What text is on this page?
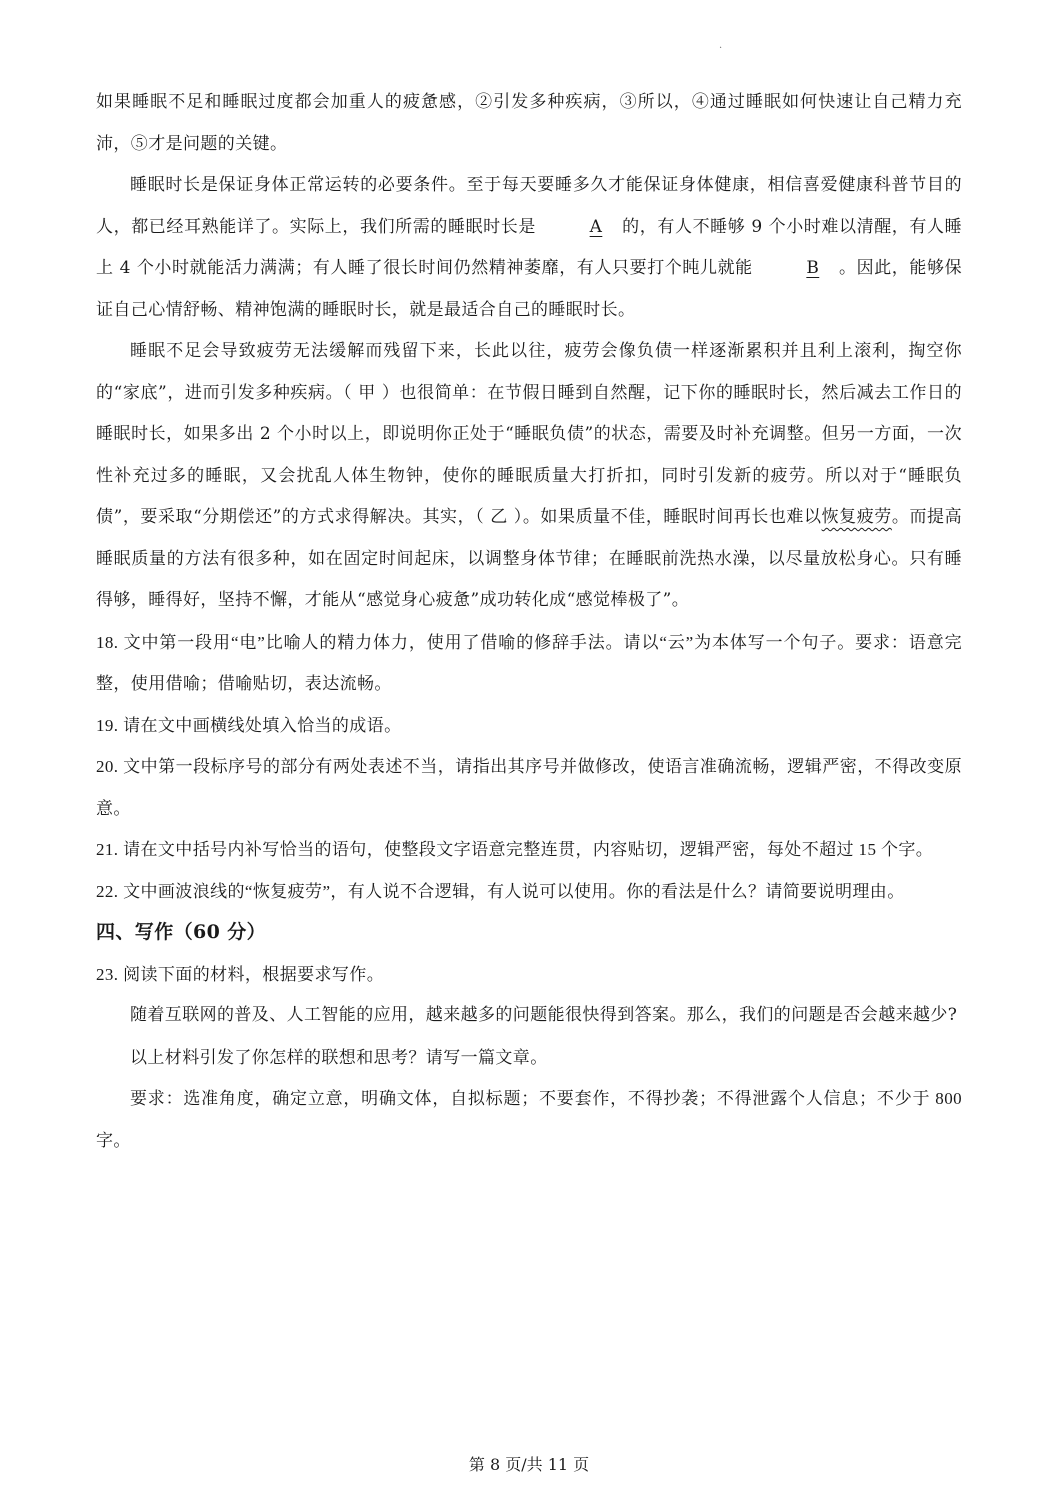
.

如果睡眠不足和睡眠过度都会加重人的疲惫感，②引发多种疾病，③所以，④通过睡眠如何快速让自己精力充沛，⑤才是问题的关键。

睡眠时长是保证身体正常运转的必要条件。至于每天要睡多久才能保证身体健康，相信喜爱健康科普节目的人，都已经耳熟能详了。实际上，我们所需的睡眠时长是	A 的，有人不睡够 9 个小时难以清醒，有人睡上 4 个小时就能活力满满；有人睡了很长时间仍然精神萎靡，有人只要打个盹儿就能	B 。因此，能够保证自己心情舒畅、精神饱满的睡眠时长，就是最适合自己的睡眠时长。

睡眠不足会导致疲劳无法缓解而残留下来，长此以往，疲劳会像负债一样逐渐累积并且利上滚利，掏空你的“家底”，进而引发多种疾病。（ 甲 ）也很简单：在节假日睡到自然醒，记下你的睡眠时长，然后减去工作日的睡眠时长，如果多出 2 个小时以上，即说明你正处于“睡眠负债”的状态，需要及时补充调整。但另一方面，一次性补充过多的睡眠，又会扰乱人体生物钟，使你的睡眠质量大打折扣，同时引发新的疲劳。所以对于“睡眠负债”，要采取“分期偿还”的方式求得解决。其实，（ 乙 ）。如果质量不佳，睡眠时间再长也难以恢复疲劳。而提高睡眠质量的方法有很多种，如在固定时间起床，以调整身体节律；在睡眠前洗热水澡，以尽量放松身心。只有睡得够，睡得好，坚持不懈，才能从“感觉身心疲惫”成功转化成“感觉棒极了”。

18. 文中第一段用“电”比喻人的精力体力，使用了借喻的修辞手法。请以“云”为本体写一个句子。要求：语意完整，使用借喻；借喻贴切，表达流畅。

19. 请在文中画横线处填入恰当的成语。

20. 文中第一段标序号的部分有两处表述不当，请指出其序号并做修改，使语言准确流畅，逻辑严密，不得改变原意。

21. 请在文中括号内补写恰当的语句，使整段文字语意完整连贯，内容贴切，逻辑严密，每处不超过 15 个字。

22. 文中画波浪线的“恢复疲劳”，有人说不合逻辑，有人说可以使用。你的看法是什么？请简要说明理由。

四、写作（60 分）

23. 阅读下面的材料，根据要求写作。

随着互联网的普及、人工智能的应用，越来越多的问题能很快得到答案。那么，我们的问题是否会越来越少?

以上材料引发了你怎样的联想和思考？请写一篇文章。

要求：选准角度，确定立意，明确文体，自拟标题；不要套作，不得抄袭；不得泄露个人信息；不少于 800 字。

第 8 页/共 11 页
